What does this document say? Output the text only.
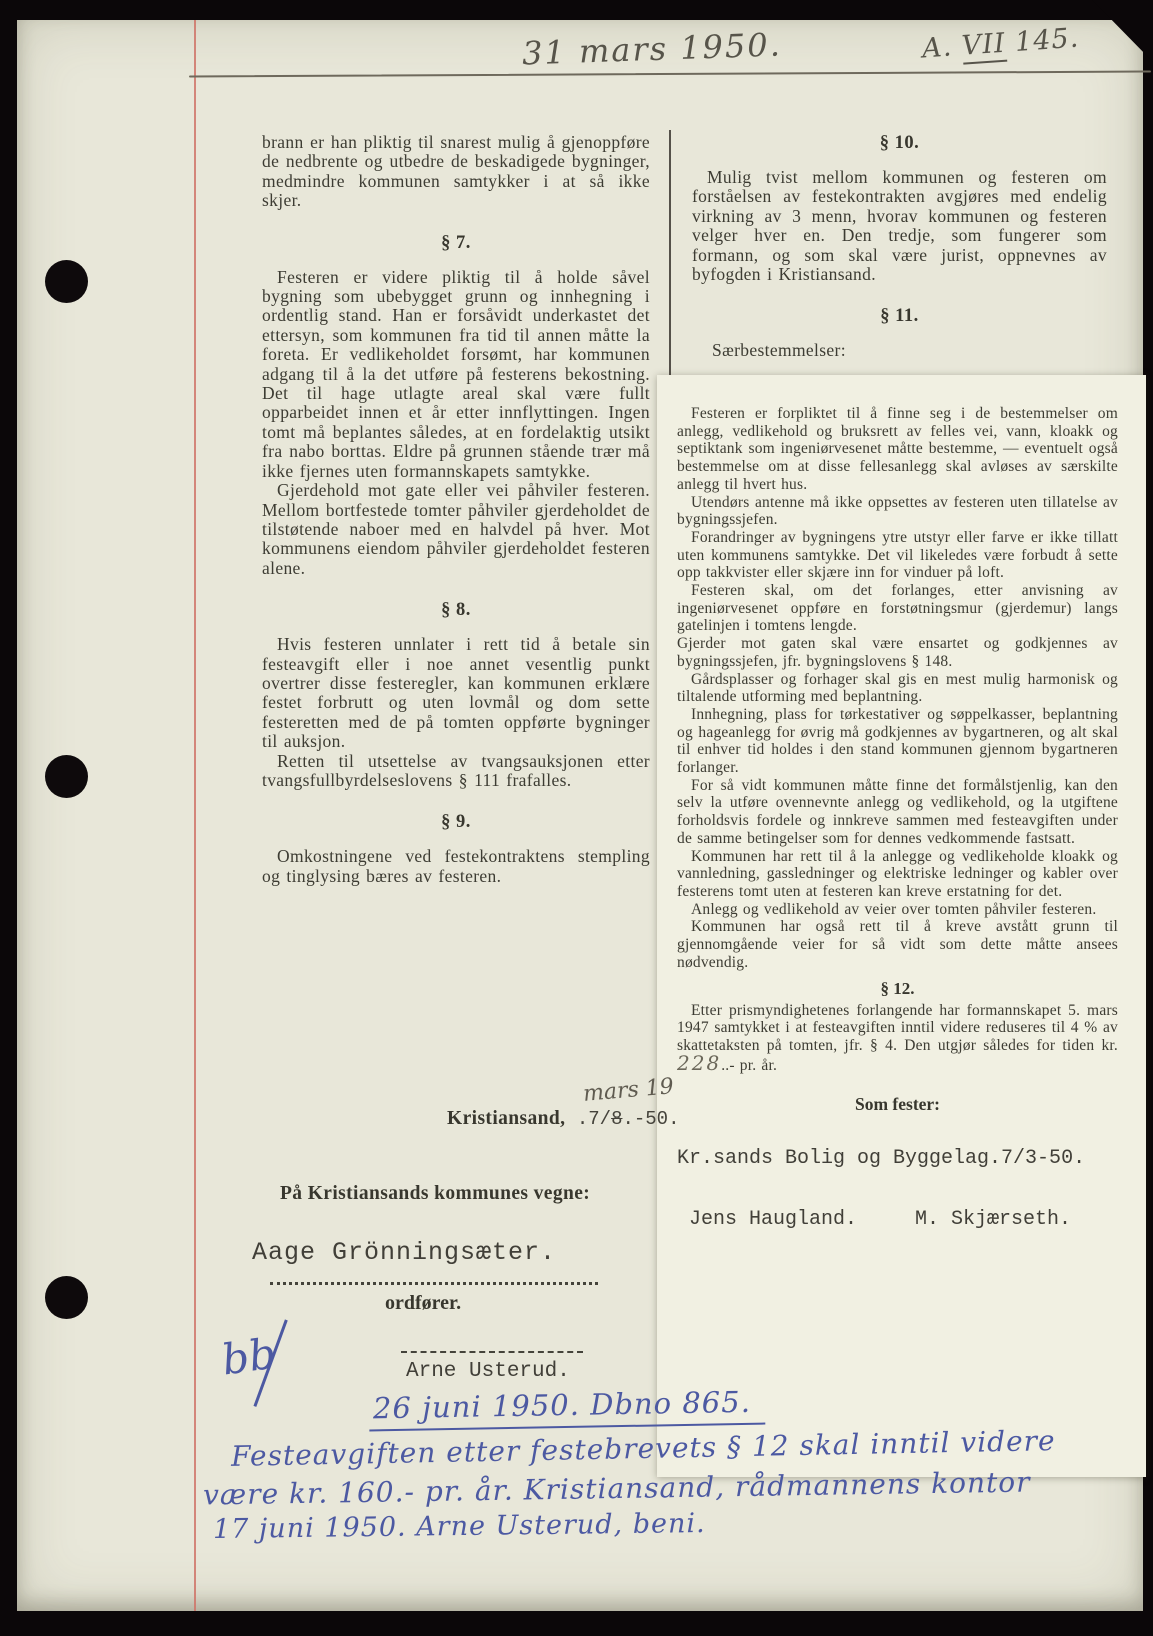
31 mars 1950.	A. VII 145.

brann er han pliktig til snarest mulig å gjenoppføre de nedbrente og utbedre de beskadigede bygninger, medmindre kommunen samtykker i at så ikke skjer.

§ 7.

Festeren er videre pliktig til å holde såvel bygning som ubebygget grunn og innhegning i ordentlig stand. Han er forsåvidt underkastet det ettersyn, som kommunen fra tid til annen måtte la foreta. Er vedlikeholdet forsømt, har kommunen adgang til å la det utføre på festerens bekostning. Det til hage utlagte areal skal være fullt opparbeidet innen et år etter innflyttingen. Ingen tomt må beplantes således, at en fordelaktig utsikt fra nabo borttas. Eldre på grunnen stående trær må ikke fjernes uten formannskapets samtykke.

Gjerdehold mot gate eller vei påhviler festeren. Mellom bortfestede tomter påhviler gjerdeholdet de tilstøtende naboer med en halvdel på hver. Mot kommunens eiendom påhviler gjerdeholdet festeren alene.

§ 8.

Hvis festeren unnlater i rett tid å betale sin festeavgift eller i noe annet vesentlig punkt overtrer disse festeregler, kan kommunen erklære festet forbrutt og uten lovmål og dom sette festeretten med de på tomten oppførte bygninger til auksjon.

Retten til utsettelse av tvangsauksjonen etter tvangsfullbyrdelseslovens § 111 frafalles.

§ 9.

Omkostningene ved festekontraktens stempling og tinglysing bæres av festeren.

§ 10.

Mulig tvist mellom kommunen og festeren om forståelsen av festekontrakten avgjøres med endelig virkning av 3 menn, hvorav kommunen og festeren velger hver en. Den tredje, som fungerer som formann, og som skal være jurist, oppnevnes av byfogden i Kristiansand.

§ 11.

Særbestemmelser:

Festeren er forpliktet til å finne seg i de bestemmelser om anlegg, vedlikehold og bruksrett av felles vei, vann, kloakk og septiktank som ingeniørvesenet måtte bestemme, — eventuelt også bestemmelse om at disse fellesanlegg skal avløses av særskilte anlegg til hvert hus.

Utendørs antenne må ikke oppsettes av festeren uten tillatelse av bygningssjefen.

Forandringer av bygningens ytre utstyr eller farve er ikke tillatt uten kommunens samtykke. Det vil likeledes være forbudt å sette opp takkvister eller skjære inn for vinduer på loft.

Festeren skal, om det forlanges, etter anvisning av ingeniørvesenet oppføre en forstøtningsmur (gjerdemur) langs gatelinjen i tomtens lengde.

Gjerder mot gaten skal være ensartet og godkjennes av bygningssjefen, jfr. bygningslovens § 148.

Gårdsplasser og forhager skal gis en mest mulig harmonisk og tiltalende utforming med beplantning.

Innhegning, plass for tørkestativer og søppelkasser, beplantning og hageanlegg for øvrig må godkjennes av bygartneren, og alt skal til enhver tid holdes i den stand kommunen gjennom bygartneren forlanger.

For så vidt kommunen måtte finne det formålstjenlig, kan den selv la utføre ovennevnte anlegg og vedlikehold, og la utgiftene forholdsvis fordele og innkreve sammen med festeavgiften under de samme betingelser som for dennes vedkommende fastsatt.

Kommunen har rett til å la anlegge og vedlikeholde kloakk og vannledning, gassledninger og elektriske ledninger og kabler over festerens tomt uten at festeren kan kreve erstatning for det.

Anlegg og vedlikehold av veier over tomten påhviler festeren.

Kommunen har også rett til å kreve avstått grunn til gjennomgående veier for så vidt som dette måtte ansees nødvendig.

§ 12.

Etter prismyndighetenes forlangende har formannskapet 5. mars 1947 samtykket i at festeavgiften inntil videre reduseres til 4 % av skattetaksten på tomten, jfr. § 4. Den utgjør således for tiden kr. 228..- pr. år.

Som fester:
Kr.sands Bolig og Byggelag.7/3-50.
Jens Haugland.	M. Skjærseth.
mars 19
Kristiansand, .7/8.-50.
På Kristiansands kommunes vegne:
Aage Grönningsæter.
ordfører.
Arne Usterud.
bb
26 juni 1950. Dbno 865.
Festeavgiften etter festebrevets § 12 skal inntil videre
være kr. 160.- pr. år. Kristiansand, rådmannens kontor
17 juni 1950. Arne Usterud, beni.
